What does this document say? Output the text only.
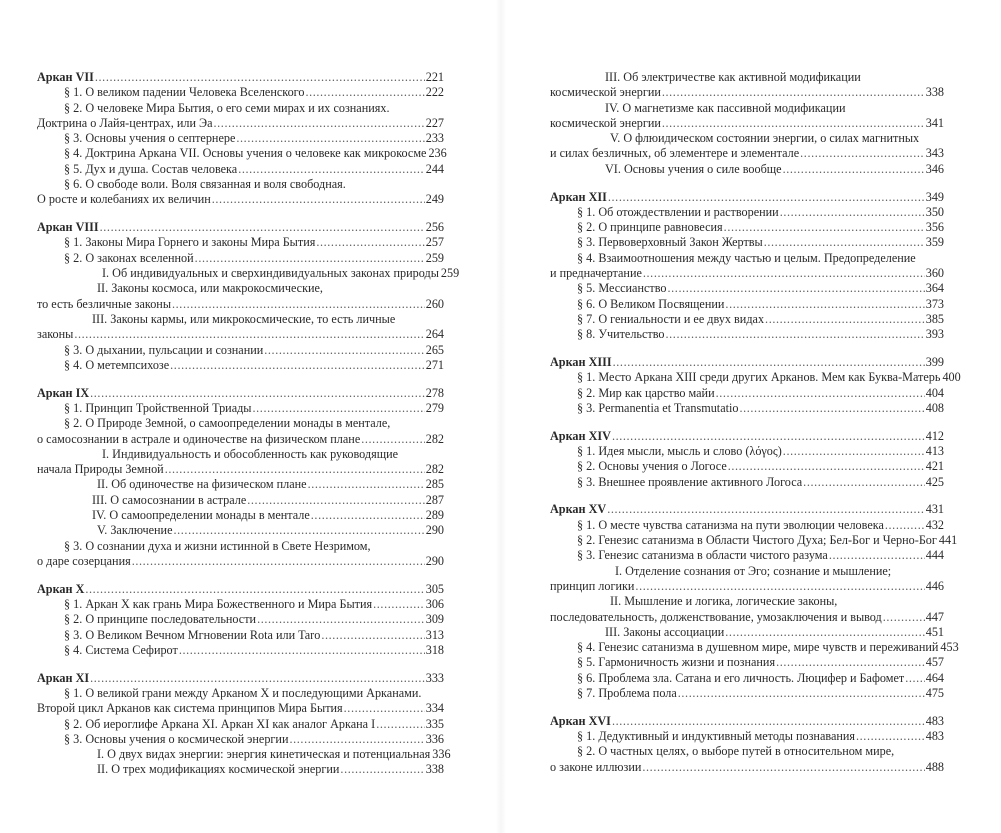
Аркан VII .....	221
§ 1. О великом падении Человека Вселенского .....	222
§ 2. О человеке Мира Бытия, о его семи мирах и их сознаниях.
Доктрина о Лайя-центрах, или Эа .....	227
§ 3. Основы учения о септернере .....	233
§ 4. Доктрина Аркана VII. Основы учения о человеке как микрокосме 236
§ 5. Дух и душа. Состав человека .....	244
§ 6. О свободе воли. Воля связанная и воля свободная.
О росте и колебаниях их величин .....	249
Аркан VIII .....	256
§ 1. Законы Мира Горнего и законы Мира Бытия .....	257
§ 2. О законах вселенной .....	259
I. Об индивидуальных и сверхиндивидуальных законах природы 259
II. Законы космоса, или макрокосмические,
то есть безличные законы .....	260
III. Законы кармы, или микрокосмические, то есть личные
законы .....	264
§ 3. О дыхании, пульсации и сознании .....	265
§ 4. О метемпсихозе .....	271
Аркан IX .....	278
§ 1. Принцип Тройственной Триады .....	279
§ 2. О Природе Земной, о самоопределении монады в ментале,
о самосознании в астрале и одиночестве на физическом плане .....	282
I. Индивидуальность и обособленность как руководящие
начала Природы Земной .....	282
II. Об одиночестве на физическом плане .....	285
III. О самосознании в астрале .....	287
IV. О самоопределении монады в ментале .....	289
V. Заключение .....	290
§ 3. О сознании духа и жизни истинной в Свете Незримом,
о даре созерцания .....	290
Аркан X .....	305
§ 1. Аркан X как грань Мира Божественного и Мира Бытия .....	306
§ 2. О принципе последовательности .....	309
§ 3. О Великом Вечном Мгновении Rota или Taro .....	313
§ 4. Система Сефирот .....	318
Аркан XI .....	333
§ 1. О великой грани между Арканом X и последующими Арканами.
Второй цикл Арканов как система принципов Мира Бытия .....	334
§ 2. Об иероглифе Аркана XI. Аркан XI как аналог Аркана I .....	335
§ 3. Основы учения о космической энергии .....	336
I. О двух видах энергии: энергия кинетическая и потенциальная 336
II. О трех модификациях космической энергии .....	338
III. Об электричестве как активной модификации
космической энергии .....	338
IV. О магнетизме как пассивной модификации
космической энергии .....	341
V. О флюидическом состоянии энергии, о силах магнитных
и силах безличных, об элементере и элементале .....	343
VI. Основы учения о силе вообще .....	346
Аркан XII .....	349
§ 1. Об отождествлении и растворении .....	350
§ 2. О принципе равновесия .....	356
§ 3. Первоверховный Закон Жертвы .....	359
§ 4. Взаимоотношения между частью и целым. Предопределение
и предначертание .....	360
§ 5. Мессианство .....	364
§ 6. О Великом Посвящении .....	373
§ 7. О гениальности и ее двух видах .....	385
§ 8. Учительство .....	393
Аркан XIII .....	399
§ 1. Место Аркана XIII среди других Арканов. Мем как Буква-Матерь 400
§ 2. Мир как царство майи .....	404
§ 3. Permanentia et Transmutatio .....	408
Аркан XIV .....	412
§ 1. Идея мысли, мысль и слово (λόγος) .....	413
§ 2. Основы учения о Логосе .....	421
§ 3. Внешнее проявление активного Логоса .....	425
Аркан XV .....	431
§ 1. О месте чувства сатанизма на пути эволюции человека .....	432
§ 2. Генезис сатанизма в Области Чистого Духа; Бел-Бог и Черно-Бог 441
§ 3. Генезис сатанизма в области чистого разума .....	444
I. Отделение сознания от Эго; сознание и мышление;
принцип логики .....	446
II. Мышление и логика, логические законы,
последовательность, долженствование, умозаключения и вывод .....	447
III. Законы ассоциации .....	451
§ 4. Генезис сатанизма в душевном мире, мире чувств и переживаний 453
§ 5. Гармоничность жизни и познания .....	457
§ 6. Проблема зла. Сатана и его личность. Люцифер и Бафомет ..... 464
§ 7. Проблема пола .....	475
Аркан XVI .....	483
§ 1. Дедуктивный и индуктивный методы познавания .....	483
§ 2. О частных целях, о выборе путей в относительном мире,
о законе иллюзии .....	488
